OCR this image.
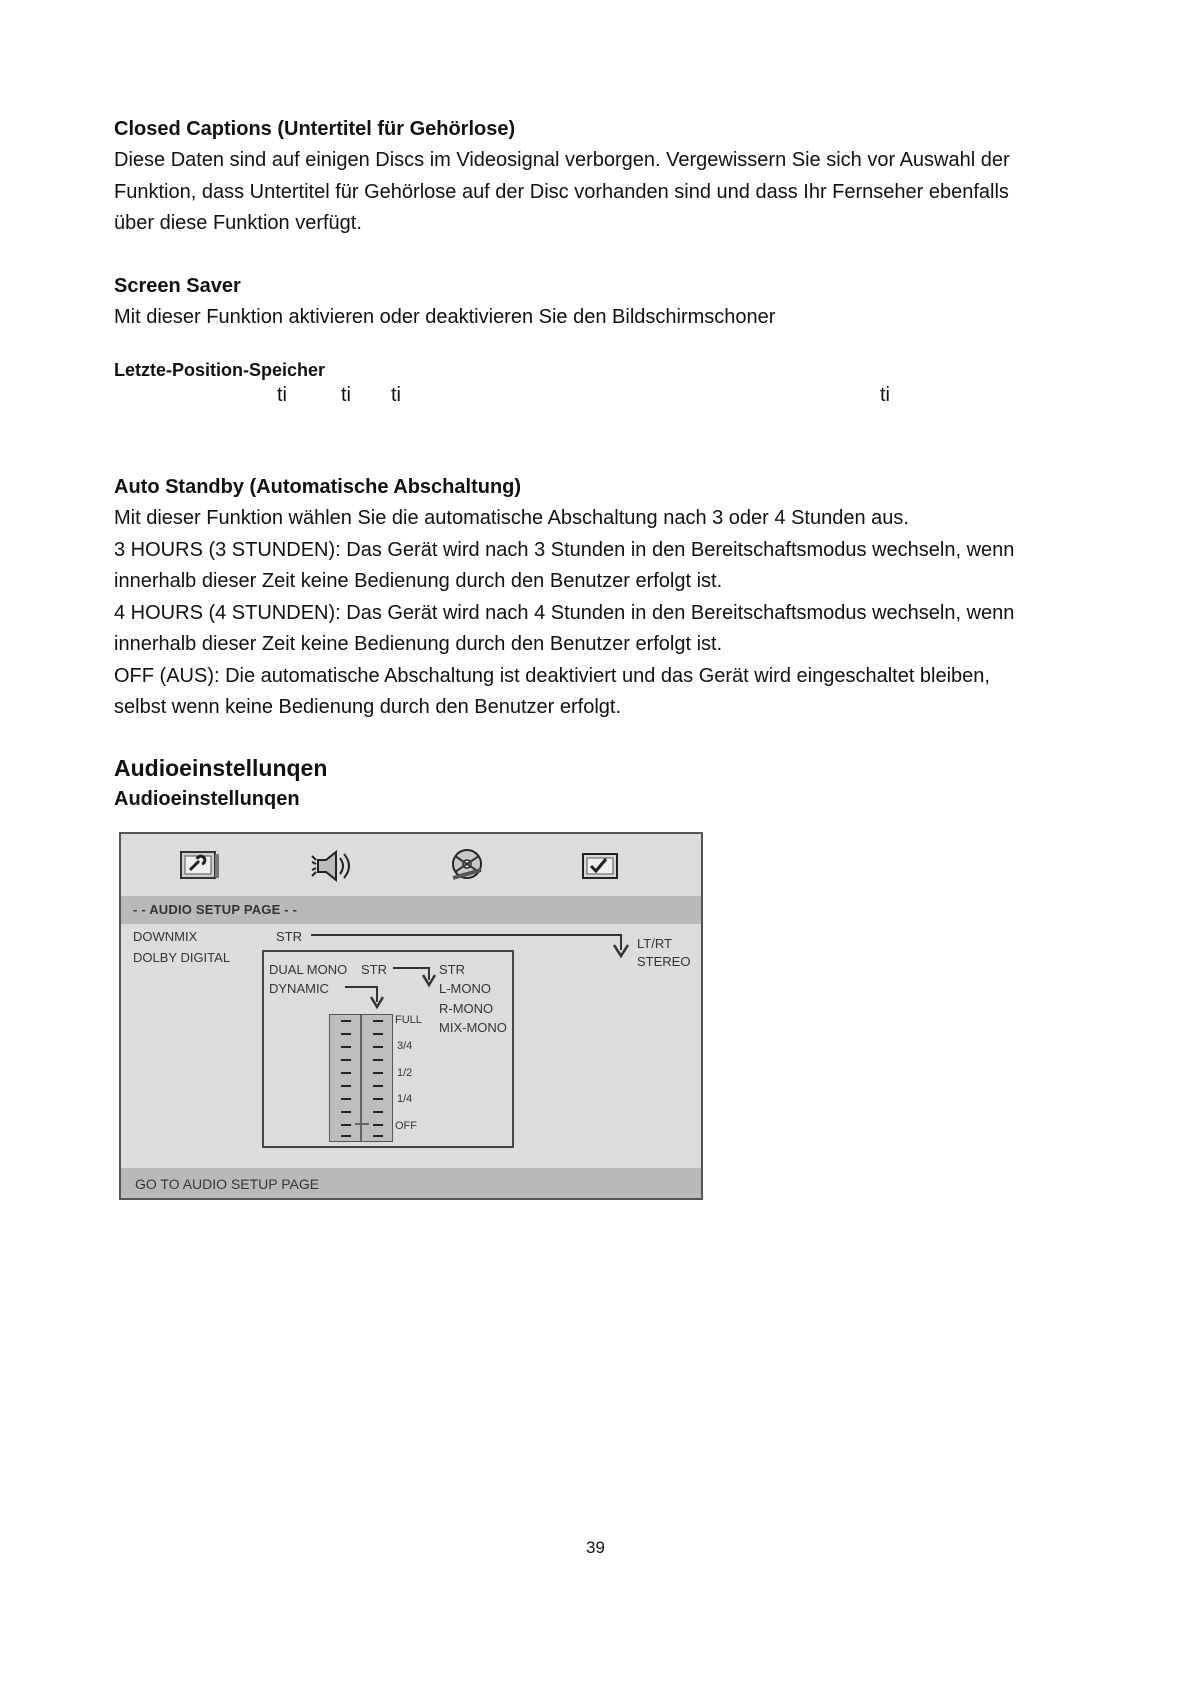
Closed Captions (Untertitel für Gehörlose)
Diese Daten sind auf einigen Discs im Videosignal verborgen. Vergewissern Sie sich vor Auswahl der
Funktion, dass Untertitel für Gehörlose auf der Disc vorhanden sind und dass Ihr Fernseher ebenfalls
über diese Funktion verfügt.
Screen Saver
Mit dieser Funktion aktivieren oder deaktivieren Sie den Bildschirmschoner
Letzte-Position-Speicher
ti	ti ti	ti
Auto Standby (Automatische Abschaltung)
Mit dieser Funktion wählen Sie die automatische Abschaltung nach 3 oder 4 Stunden aus.
3 HOURS (3 STUNDEN): Das Gerät wird nach 3 Stunden in den Bereitschaftsmodus wechseln, wenn
innerhalb dieser Zeit keine Bedienung durch den Benutzer erfolgt ist.
4 HOURS (4 STUNDEN): Das Gerät wird nach 4 Stunden in den Bereitschaftsmodus wechseln, wenn
innerhalb dieser Zeit keine Bedienung durch den Benutzer erfolgt ist.
OFF (AUS): Die automatische Abschaltung ist deaktiviert und das Gerät wird eingeschaltet bleiben,
selbst wenn keine Bedienung durch den Benutzer erfolgt.
Audioeinstellunqen
Audioeinstellunqen
- - AUDIO SETUP PAGE - -
DOWNMIX
DOLBY DIGITAL
STR	LT/RT
STEREO
DUAL MONO STR
DYNAMIC
STR
L-MONO
R-MONO
MIX-MONO
FULL
3/4
1/2
1/4
OFF
GO TO AUDIO SETUP PAGE
39
